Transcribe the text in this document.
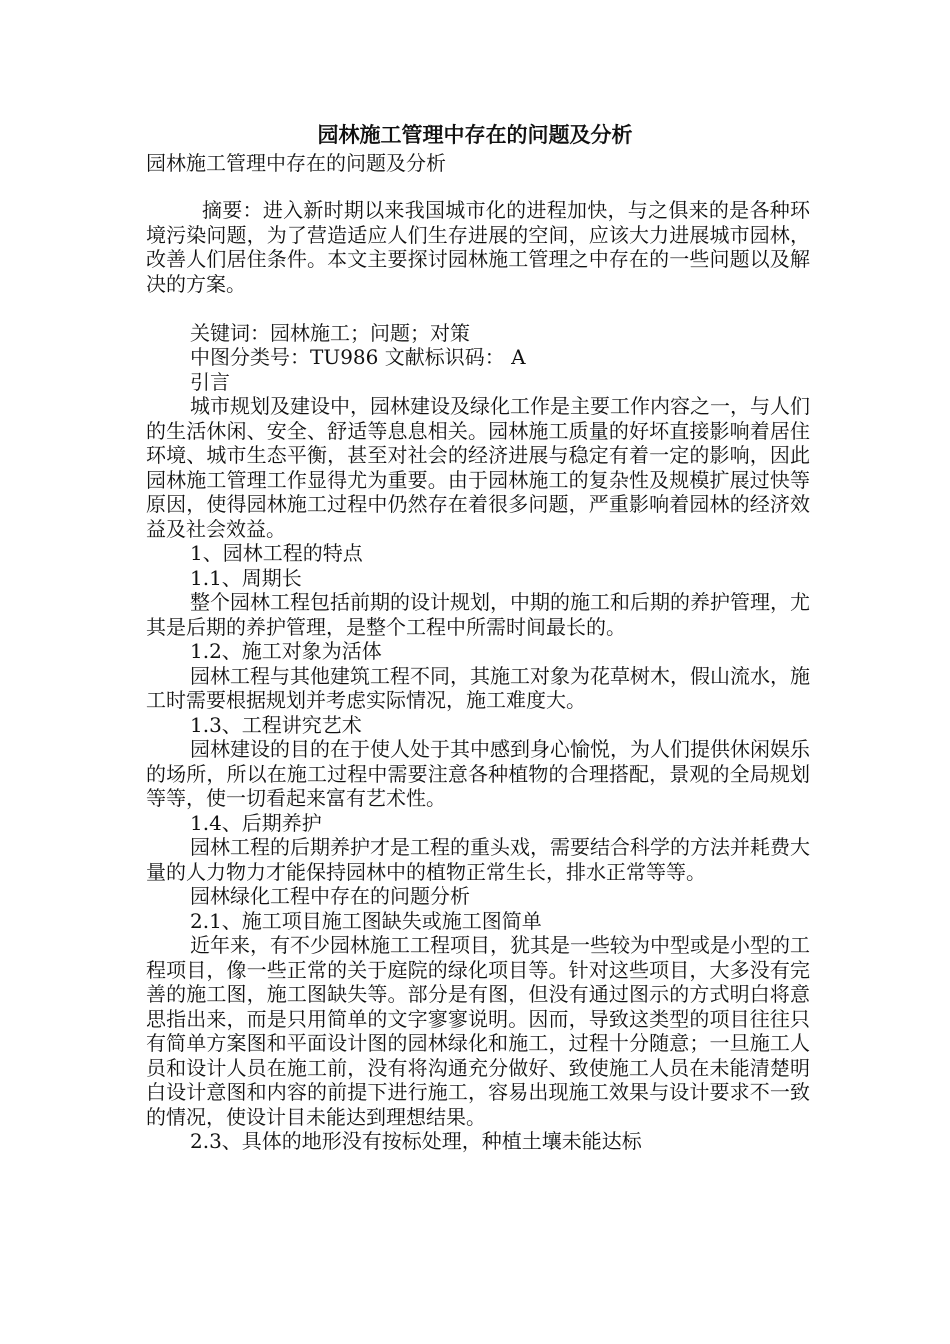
园林施工管理中存在的问题及分析
园林施工管理中存在的问题及分析

摘要：进入新时期以来我国城市化的进程加快，与之俱来的是各种环境污染问题，为了营造适应人们生存进展的空间，应该大力进展城市园林，改善人们居住条件。本文主要探讨园林施工管理之中存在的一些问题以及解决的方案。

关键词：园林施工；问题；对策

中图分类号：TU986 文献标识码： A

引言

城市规划及建设中，园林建设及绿化工作是主要工作内容之一，与人们的生活休闲、安全、舒适等息息相关。园林施工质量的好坏直接影响着居住环境、城市生态平衡，甚至对社会的经济进展与稳定有着一定的影响，因此园林施工管理工作显得尤为重要。由于园林施工的复杂性及规模扩展过快等原因，使得园林施工过程中仍然存在着很多问题，严重影响着园林的经济效益及社会效益。

1、园林工程的特点

1.1、周期长

整个园林工程包括前期的设计规划，中期的施工和后期的养护管理，尤其是后期的养护管理，是整个工程中所需时间最长的。

1.2、施工对象为活体

园林工程与其他建筑工程不同，其施工对象为花草树木，假山流水，施工时需要根据规划并考虑实际情况，施工难度大。

1.3、工程讲究艺术

园林建设的目的在于使人处于其中感到身心愉悦，为人们提供休闲娱乐的场所，所以在施工过程中需要注意各种植物的合理搭配，景观的全局规划等等，使一切看起来富有艺术性。

1.4、后期养护

园林工程的后期养护才是工程的重头戏，需要结合科学的方法并耗费大量的人力物力才能保持园林中的植物正常生长，排水正常等等。

园林绿化工程中存在的问题分析

2.1、施工项目施工图缺失或施工图简单

近年来，有不少园林施工工程项目，犹其是一些较为中型或是小型的工程项目，像一些正常的关于庭院的绿化项目等。针对这些项目，大多没有完善的施工图，施工图缺失等。部分是有图，但没有通过图示的方式明白将意思指出来，而是只用简单的文字寥寥说明。因而，导致这类型的项目往往只有简单方案图和平面设计图的园林绿化和施工，过程十分随意；一旦施工人员和设计人员在施工前，没有将沟通充分做好、致使施工人员在未能清楚明白设计意图和内容的前提下进行施工，容易出现施工效果与设计要求不一致的情况，使设计目未能达到理想结果。

2.3、具体的地形没有按标处理，种植土壤未能达标
